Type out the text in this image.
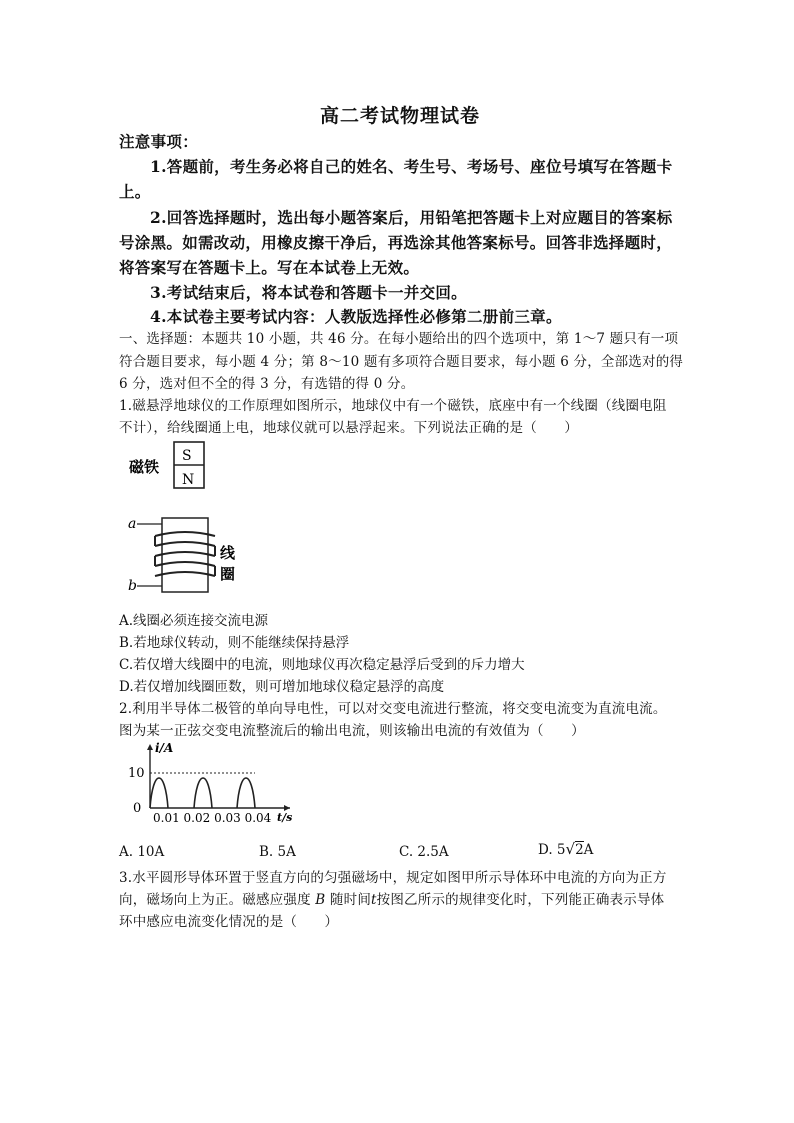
高二考试物理试卷
注意事项：
1.答题前，考生务必将自己的姓名、考生号、考场号、座位号填写在答题卡
上。
2.回答选择题时，选出每小题答案后，用铅笔把答题卡上对应题目的答案标
号涂黑。如需改动，用橡皮擦干净后，再选涂其他答案标号。回答非选择题时，
将答案写在答题卡上。写在本试卷上无效。
3.考试结束后，将本试卷和答题卡一并交回。
4.本试卷主要考试内容：人教版选择性必修第二册前三章。
一、选择题：本题共 10 小题，共 46 分。在每小题给出的四个选项中，第 1～7 题只有一项
符合题目要求，每小题 4 分；第 8～10 题有多项符合题目要求，每小题 6 分，全部选对的得
6 分，选对但不全的得 3 分，有选错的得 0 分。
1.磁悬浮地球仪的工作原理如图所示，地球仪中有一个磁铁，底座中有一个线圈（线圈电阻
不计），给线圈通上电，地球仪就可以悬浮起来。下列说法正确的是（　　）
磁铁
S
N
a
b
线
圈
A.线圈必须连接交流电源
B.若地球仪转动，则不能继续保持悬浮
C.若仅增大线圈中的电流，则地球仪再次稳定悬浮后受到的斥力增大
D.若仅增加线圈匝数，则可增加地球仪稳定悬浮的高度
2.利用半导体二极管的单向导电性，可以对交变电流进行整流，将交变电流变为直流电流。
图为某一正弦交变电流整流后的输出电流，则该输出电流的有效值为（　　）
i/A
t/s
10
0
0.01 0.02 0.03 0.04
A. 10A	B. 5A	C. 2.5A	D. 5√2A
3.水平圆形导体环置于竖直方向的匀强磁场中，规定如图甲所示导体环中电流的方向为正方
向，磁场向上为正。磁感应强度 B 随时间t按图乙所示的规律变化时，下列能正确表示导体
环中感应电流变化情况的是（　　）
